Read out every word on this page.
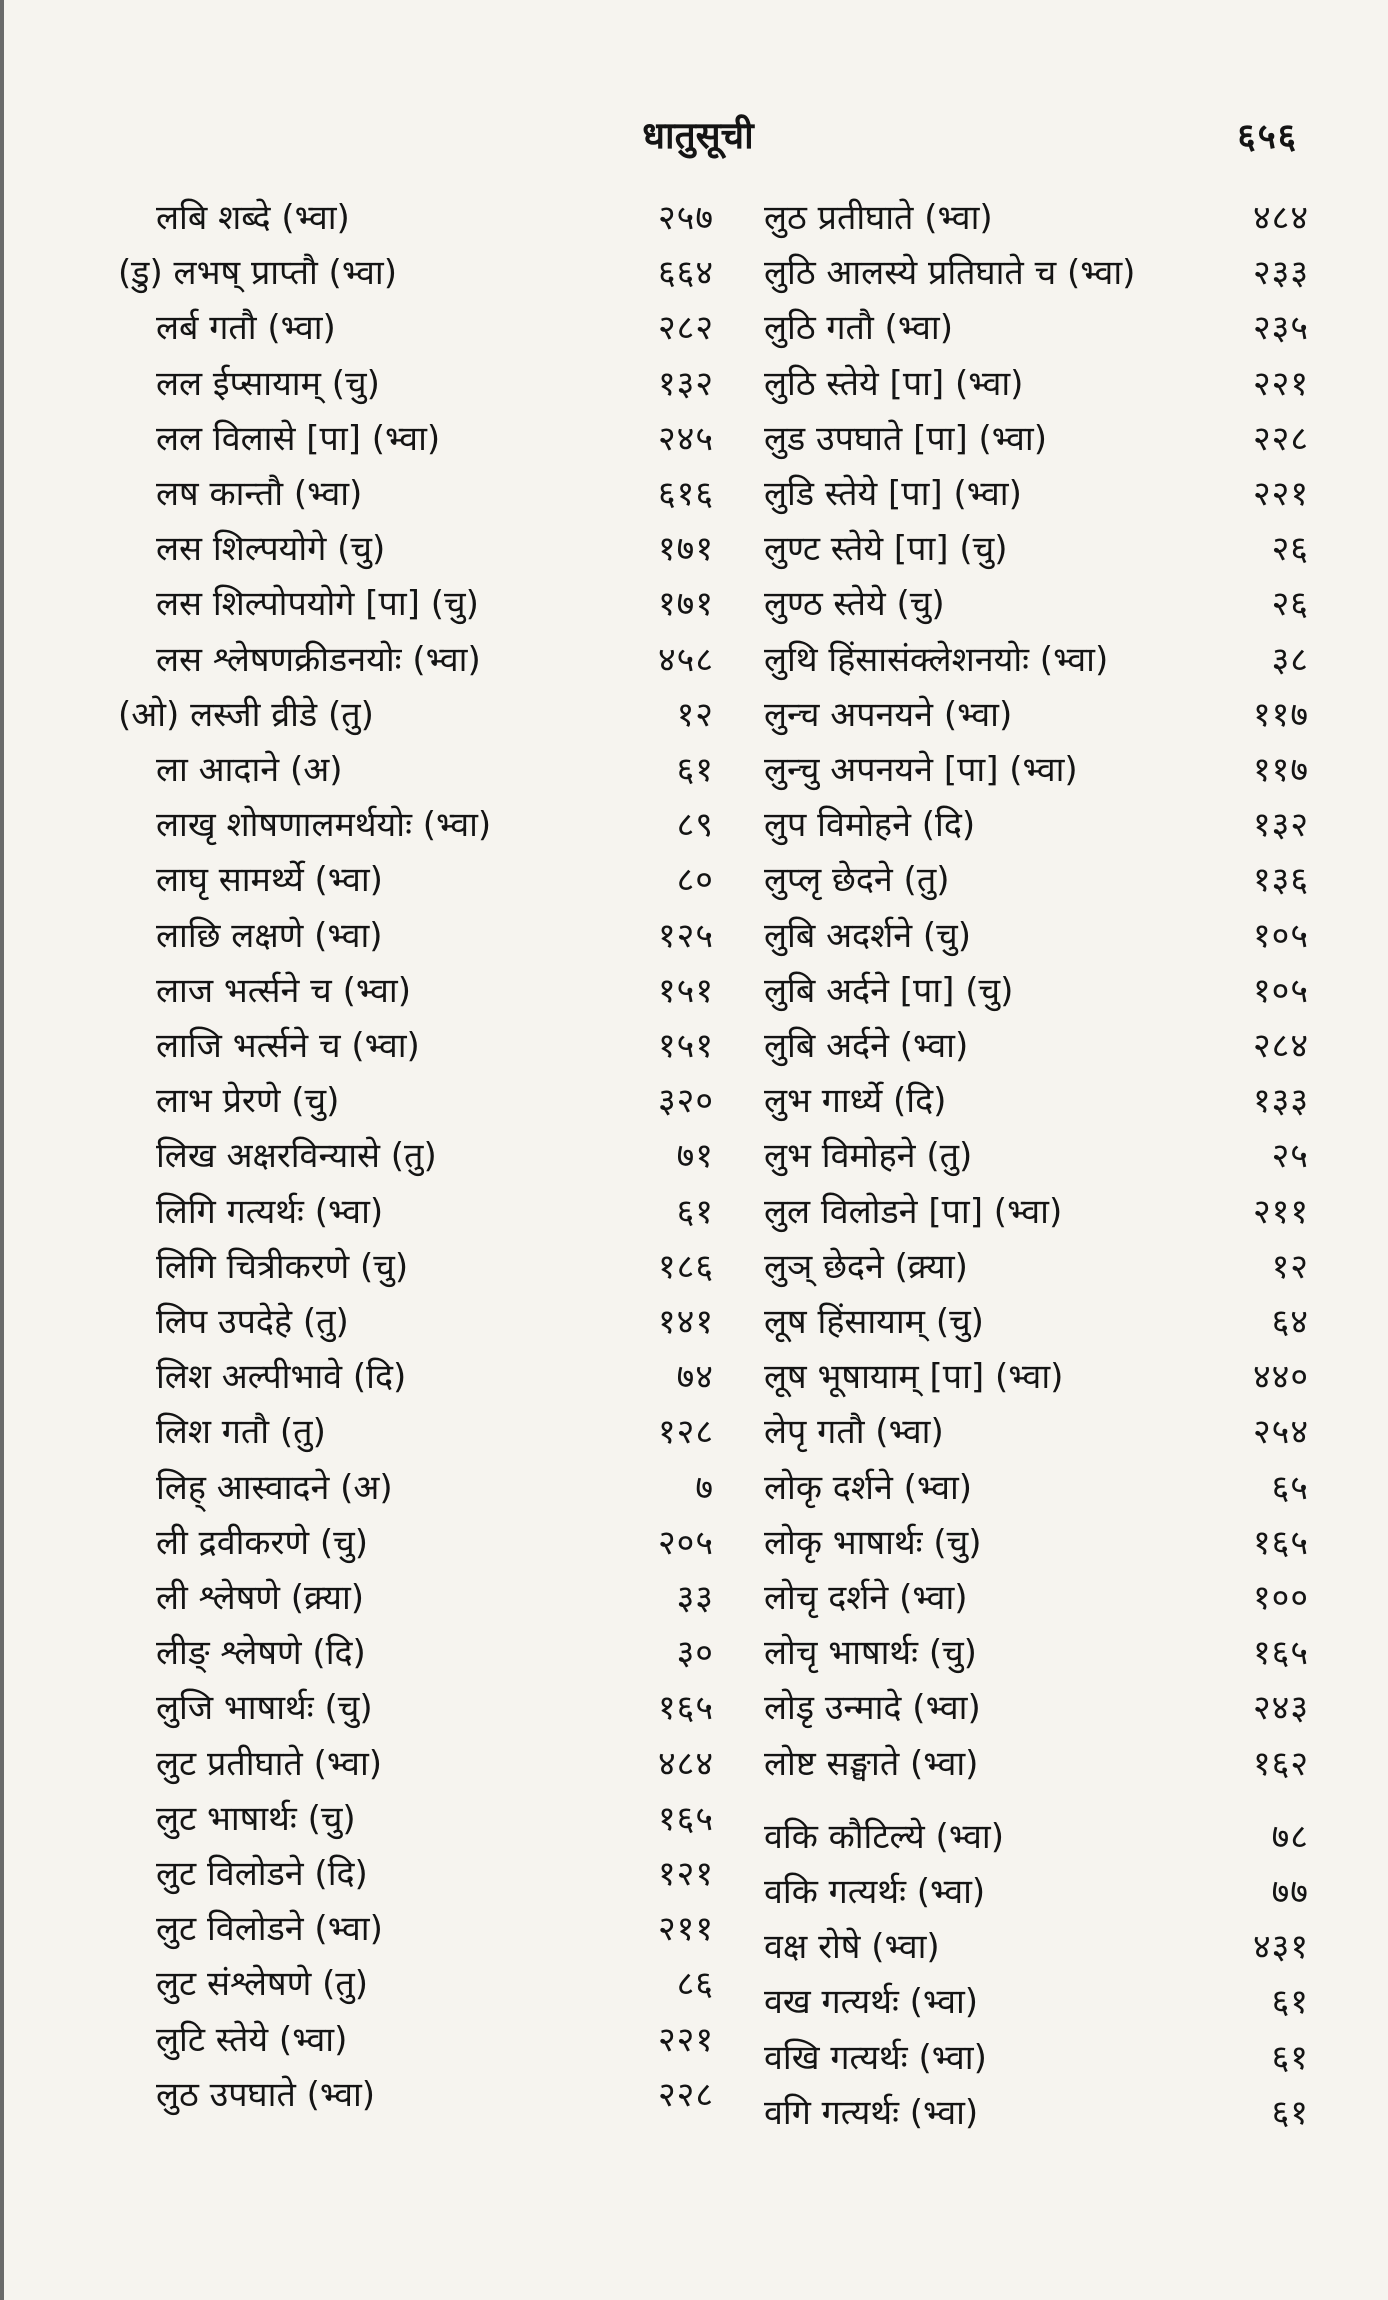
धातुसूची	६५६
लबि शब्दे (भ्वा)	२५७
(डु) लभष् प्राप्तौ (भ्वा)	६६४
लर्ब गतौ (भ्वा)	२८२
लल ईप्सायाम् (चु)	१३२
लल विलासे [पा] (भ्वा)	२४५
लष कान्तौ (भ्वा)	६१६
लस शिल्पयोगे (चु)	१७१
लस शिल्पोपयोगे [पा] (चु)	१७१
लस श्लेषणक्रीडनयोः (भ्वा)	४५८
(ओ) लस्जी व्रीडे (तु)	१२
ला आदाने (अ)	६१
लाखृ शोषणालमर्थयोः (भ्वा)	८९
लाघृ सामर्थ्ये (भ्वा)	८०
लाछि लक्षणे (भ्वा)	१२५
लाज भर्त्सने च (भ्वा)	१५१
लाजि भर्त्सने च (भ्वा)	१५१
लाभ प्रेरणे (चु)	३२०
लिख अक्षरविन्यासे (तु)	७१
लिगि गत्यर्थः (भ्वा)	६१
लिगि चित्रीकरणे (चु)	१८६
लिप उपदेहे (तु)	१४१
लिश अल्पीभावे (दि)	७४
लिश गतौ (तु)	१२८
लिह् आस्वादने (अ)	७
ली द्रवीकरणे (चु)	२०५
ली श्लेषणे (क्र्या)	३३
लीङ् श्लेषणे (दि)	३०
लुजि भाषार्थः (चु)	१६५
लुट प्रतीघाते (भ्वा)	४८४
लुट भाषार्थः (चु)	१६५
लुट विलोडने (दि)	१२१
लुट विलोडने (भ्वा)	२११
लुट संश्लेषणे (तु)	८६
लुटि स्तेये (भ्वा)	२२१
लुठ उपघाते (भ्वा)	२२८
लुठ प्रतीघाते (भ्वा)	४८४
लुठि आलस्ये प्रतिघाते च (भ्वा)	२३३
लुठि गतौ (भ्वा)	२३५
लुठि स्तेये [पा] (भ्वा)	२२१
लुड उपघाते [पा] (भ्वा)	२२८
लुडि स्तेये [पा] (भ्वा)	२२१
लुण्ट स्तेये [पा] (चु)	२६
लुण्ठ स्तेये (चु)	२६
लुथि हिंसासंक्लेशनयोः (भ्वा)	३८
लुन्च अपनयने (भ्वा)	११७
लुन्चु अपनयने [पा] (भ्वा)	११७
लुप विमोहने (दि)	१३२
लुप्लृ छेदने (तु)	१३६
लुबि अदर्शने (चु)	१०५
लुबि अर्दने [पा] (चु)	१०५
लुबि अर्दने (भ्वा)	२८४
लुभ गार्ध्ये (दि)	१३३
लुभ विमोहने (तु)	२५
लुल विलोडने [पा] (भ्वा)	२११
लुञ् छेदने (क्र्या)	१२
लूष हिंसायाम् (चु)	६४
लूष भूषायाम् [पा] (भ्वा)	४४०
लेपृ गतौ (भ्वा)	२५४
लोकृ दर्शने (भ्वा)	६५
लोकृ भाषार्थः (चु)	१६५
लोचृ दर्शने (भ्वा)	१००
लोचृ भाषार्थः (चु)	१६५
लोडृ उन्मादे (भ्वा)	२४३
लोष्ट सङ्घाते (भ्वा)	१६२
वकि कौटिल्ये (भ्वा)	७८
वकि गत्यर्थः (भ्वा)	७७
वक्ष रोषे (भ्वा)	४३१
वख गत्यर्थः (भ्वा)	६१
वखि गत्यर्थः (भ्वा)	६१
वगि गत्यर्थः (भ्वा)	६१
